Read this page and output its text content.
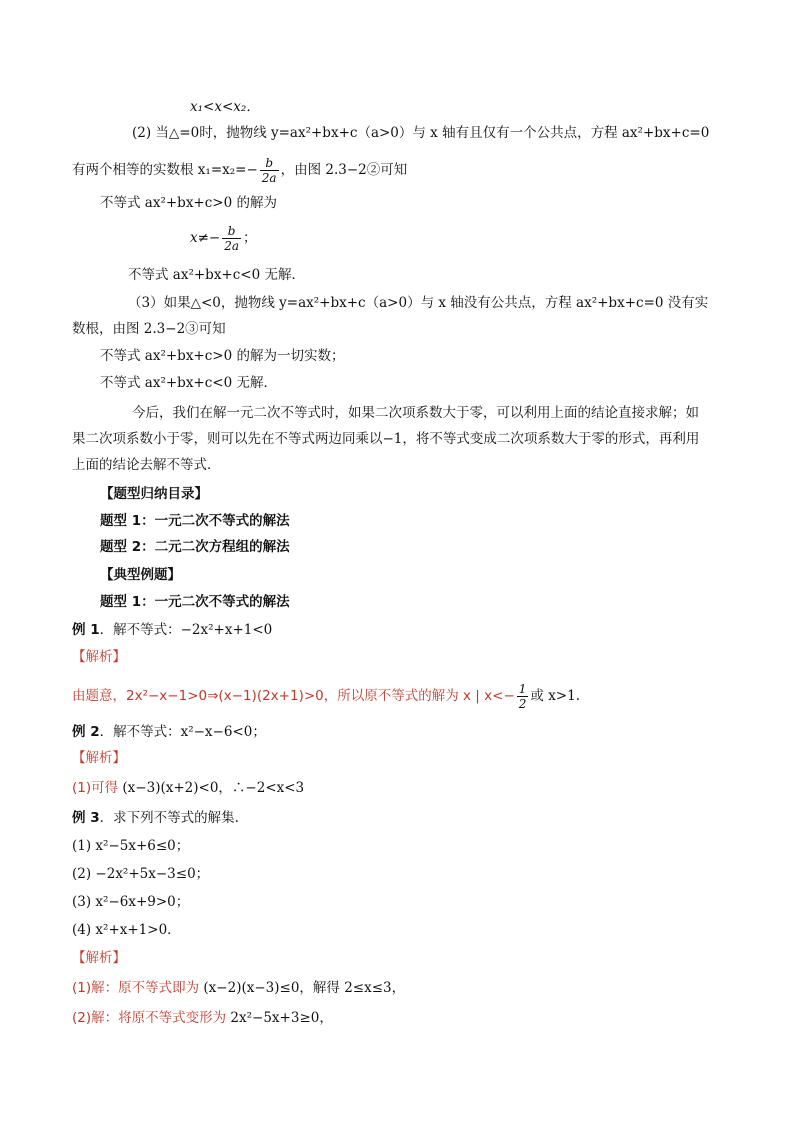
x₁<x<x₂．
(2) 当△=0时，抛物线 y=ax²+bx+c（a>0）与 x 轴有且仅有一个公共点，方程 ax²+bx+c=0
有两个相等的实数根 $x_1=x_2=- \frac{b}{2a}$ ，由图 2.3−2②可知
不等式 ax²+bx+c>0 的解为
$x\ne- \frac{b}{2a}$ ；
不等式 ax²+bx+c<0 无解．
（3）如果△<0，抛物线 y=ax²+bx+c（a>0）与 x 轴没有公共点，方程 ax²+bx+c=0 没有实
数根，由图 2.3−2③可知
不等式 ax²+bx+c>0 的解为一切实数；
不等式 ax²+bx+c<0 无解．
今后，我们在解一元二次不等式时，如果二次项系数大于零，可以利用上面的结论直接求解；如
果二次项系数小于零，则可以先在不等式两边同乘以−1，将不等式变成二次项系数大于零的形式，再利用
上面的结论去解不等式．
【题型归纳目录】
题型 1：一元二次不等式的解法
题型 2：二元二次方程组的解法
【典型例题】
题型 1：一元二次不等式的解法
例 1．解不等式：−2x²+x+1<0
【解析】
由题意，2x²−x−1>0⇒(x−1)(2x+1)>0，所以原不等式的解为 x | $x<- \frac{1}{2}$ 或 x>1.
例 2．解不等式：x²−x−6<0；
【解析】
(1)可得 (x−3)(x+2)<0，∴−2<x<3
例 3．求下列不等式的解集.
(1) x²−5x+6≤0；
(2) −2x²+5x−3≤0；
(3) x²−6x+9>0；
(4) x²+x+1>0．
【解析】
(1)解：原不等式即为 (x−2)(x−3)≤0，解得 2≤x≤3，
(2)解：将原不等式变形为 2x²−5x+3≥0，
